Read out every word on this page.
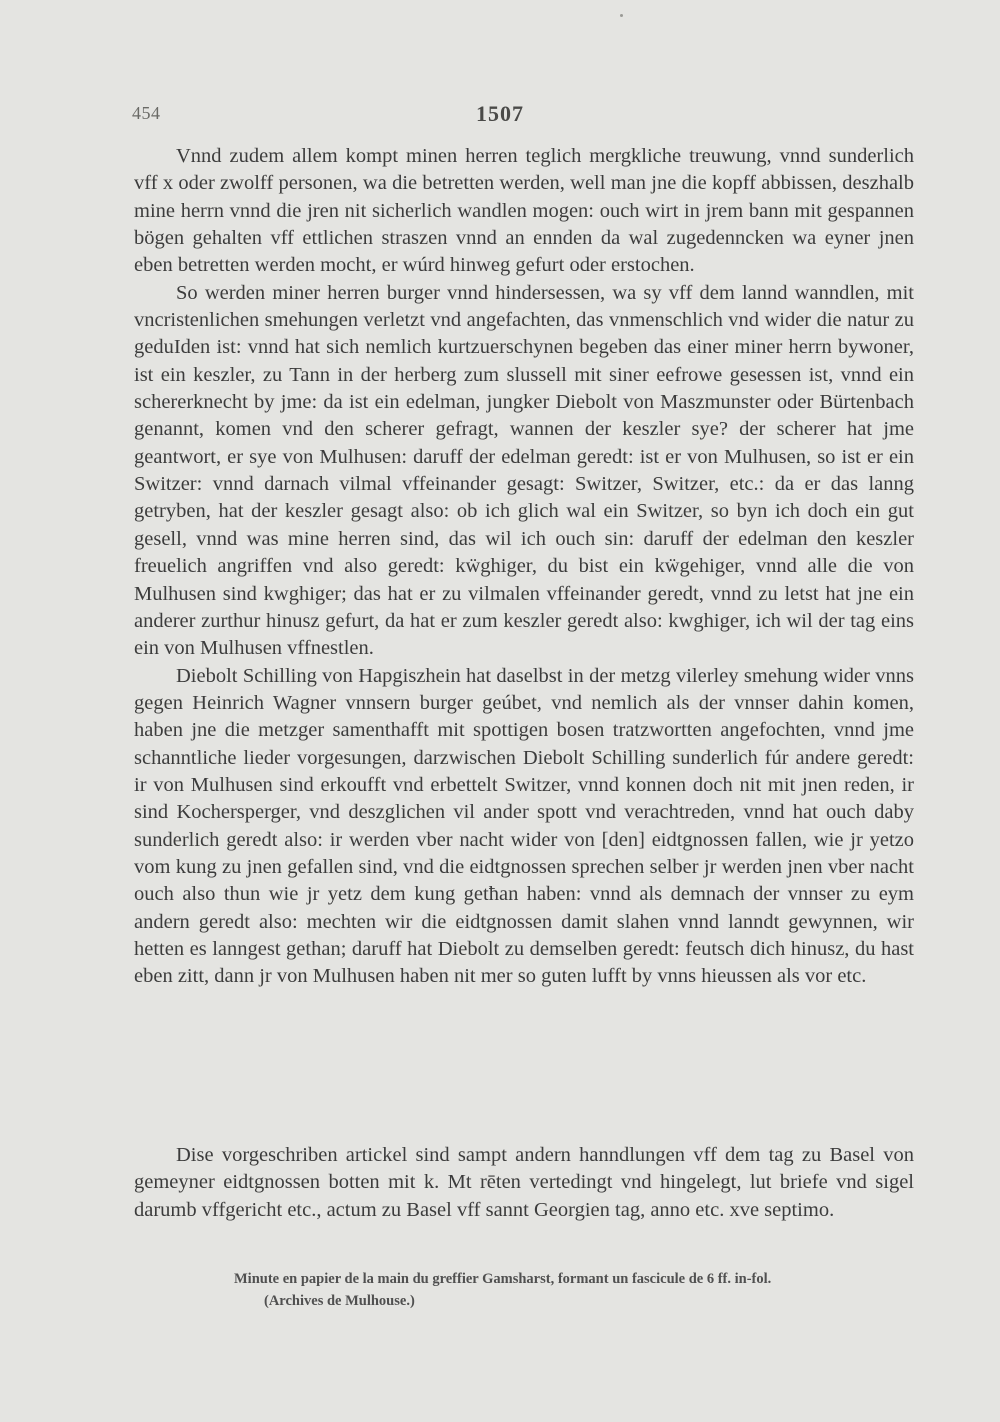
454	1507

Vnnd zudem allem kompt minen herren teglich mergkliche treuwung, vnnd sunderlich vff x oder zwolff personen, wa die betretten werden, well man jne die kopff abbissen, deszhalb mine herrn vnnd die jren nit sicherlich wandlen mogen: ouch wirt in jrem bann mit gespannen bögen gehalten vff ettlichen straszen vnnd an ennden da wal zugedenncken wa eyner jnen eben betretten werden mocht, er wúrd hinweg gefurt oder erstochen.

So werden miner herren burger vnnd hindersessen, wa sy vff dem lannd wanndlen, mit vncristenlichen smehungen verletzt vnd angefachten, das vnmenschlich vnd wider die natur zu geduIden ist: vnnd hat sich nemlich kurtzuerschynen begeben das einer miner herrn bywoner, ist ein keszler, zu Tann in der herberg zum slussell mit siner eefrowe gesessen ist, vnnd ein schererknecht by jme: da ist ein edelman, jungker Diebolt von Maszmunster oder Bürtenbach genannt, komen vnd den scherer gefragt, wannen der keszler sye? der scherer hat jme geantwort, er sye von Mulhusen: daruff der edelman geredt: ist er von Mulhusen, so ist er ein Switzer: vnnd darnach vilmal vffeinander gesagt: Switzer, Switzer, etc.: da er das lanng getryben, hat der keszler gesagt also: ob ich glich wal ein Switzer, so byn ich doch ein gut gesell, vnnd was mine herren sind, das wil ich ouch sin: daruff der edelman den keszler freuelich angriffen vnd also geredt: kẅghiger, du bist ein kẅgehiger, vnnd alle die von Mulhusen sind kwghiger; das hat er zu vilmalen vffeinander geredt, vnnd zu letst hat jne ein anderer zurthur hinusz gefurt, da hat er zum keszler geredt also: kwghiger, ich wil der tag eins ein von Mulhusen vffnestlen.

Diebolt Schilling von Hapgiszhein hat daselbst in der metzg vilerley smehung wider vnns gegen Heinrich Wagner vnnsern burger geúbet, vnd nemlich als der vnnser dahin komen, haben jne die metzger samenthafft mit spottigen bosen tratzwortten angefochten, vnnd jme schanntliche lieder vorgesungen, darzwischen Diebolt Schilling sunderlich fúr andere geredt: ir von Mulhusen sind erkoufft vnd erbettelt Switzer, vnnd konnen doch nit mit jnen reden, ir sind Kochersperger, vnd deszglichen vil ander spott vnd verachtreden, vnnd hat ouch daby sunderlich geredt also: ir werden vber nacht wider von [den] eidtgnossen fallen, wie jr yetzo vom kung zu jnen gefallen sind, vnd die eidtgnossen sprechen selber jr werden jnen vber nacht ouch also thun wie jr yetz dem kung getħan haben: vnnd als demnach der vnnser zu eym andern geredt also: mechten wir die eidtgnossen damit slahen vnnd lanndt gewynnen, wir hetten es lanngest gethan; daruff hat Diebolt zu demselben geredt: feutsch dich hinusz, du hast eben zitt, dann jr von Mulhusen haben nit mer so guten lufft by vnns hieussen als vor etc.

Dise vorgeschriben artickel sind sampt andern hanndlungen vff dem tag zu Basel von gemeyner eidtgnossen botten mit k. Mt rēten vertedingt vnd hingelegt, lut briefe vnd sigel darumb vffgericht etc., actum zu Basel vff sannt Georgien tag, anno etc. xve septimo.

Minute en papier de la main du greffier Gamsharst, formant un fascicule de 6 ff. in-fol.
(Archives de Mulhouse.)
